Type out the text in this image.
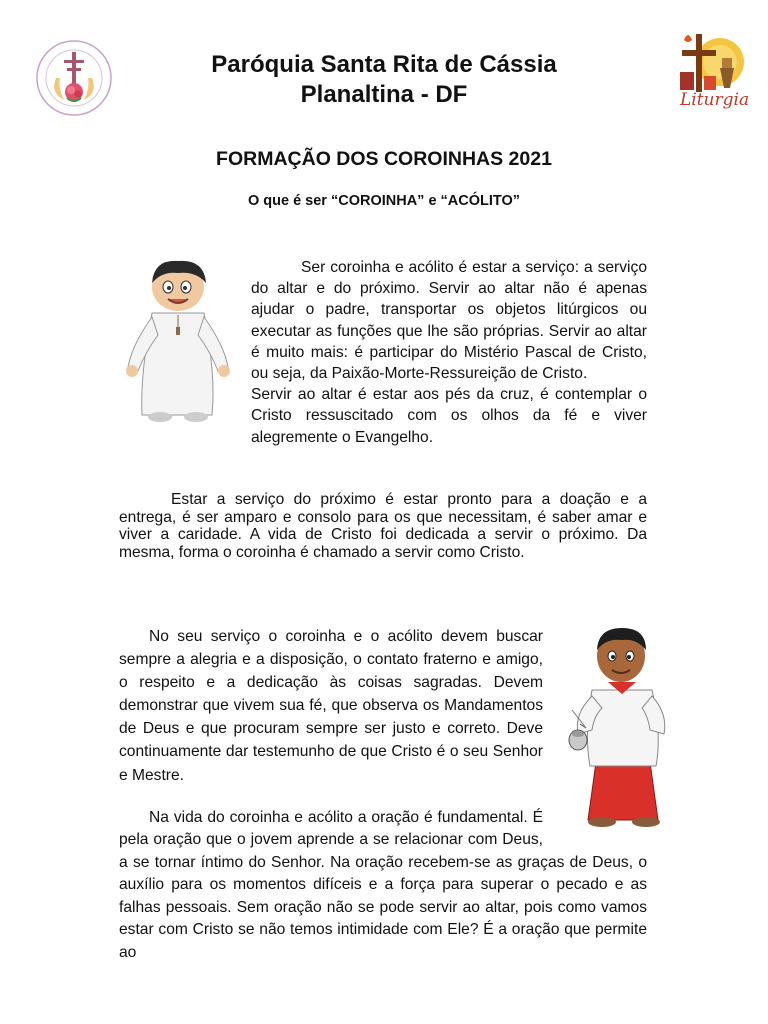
Paróquia Santa Rita de Cássia
Planaltina - DF	Liturgia
FORMAÇÃO DOS COROINHAS 2021
O que é ser “COROINHA” e “ACÓLITO”

Ser coroinha e acólito é estar a serviço: a serviço do altar e do próximo. Servir ao altar não é apenas ajudar o padre, transportar os objetos litúrgicos ou executar as funções que lhe são próprias. Servir ao altar é muito mais: é participar do Mistério Pascal de Cristo, ou seja, da Paixão-Morte-Ressureição de Cristo.

Servir ao altar é estar aos pés da cruz, é contemplar o Cristo ressuscitado com os olhos da fé e viver alegremente o Evangelho.

Estar a serviço do próximo é estar pronto para a doação e a entrega, é ser amparo e consolo para os que necessitam, é saber amar e viver a caridade. A vida de Cristo foi dedicada a servir o próximo. Da mesma, forma o coroinha é chamado a servir como Cristo.

No seu serviço o coroinha e o acólito devem buscar sempre a alegria e a disposição, o contato fraterno e amigo, o respeito e a dedicação às coisas sagradas. Devem demonstrar que vivem sua fé, que observa os Mandamentos de Deus e que procuram sempre ser justo e correto. Deve continuamente dar testemunho de que Cristo é o seu Senhor e Mestre.

Na vida do coroinha e acólito a oração é fundamental. É pela oração que o jovem aprende a se relacionar com Deus, a se tornar íntimo do Senhor. Na oração recebem-se as graças de Deus, o auxílio para os momentos difíceis e a força para superar o pecado e as falhas pessoais. Sem oração não se pode servir ao altar, pois como vamos estar com Cristo se não temos intimidade com Ele? É a oração que permite ao
